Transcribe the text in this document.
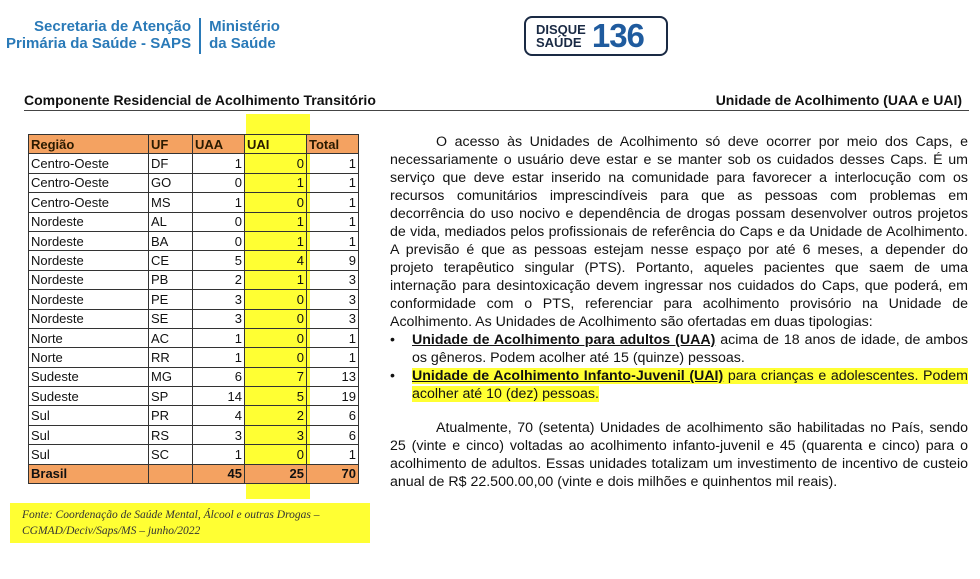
Secretaria de Atenção
Primária da Saúde - SAPS
Ministério
da Saúde
DISQUE
SAÚDE 136
Componente Residencial de Acolhimento Transitório	Unidade de Acolhimento (UAA e UAI)
Região	UF	UAA	UAI	Total
Centro-Oeste	DF	1	0	1
Centro-Oeste	GO	0	1	1
Centro-Oeste	MS	1	0	1
Nordeste	AL	0	1	1
Nordeste	BA	0	1	1
Nordeste	CE	5	4	9
Nordeste	PB	2	1	3
Nordeste	PE	3	0	3
Nordeste	SE	3	0	3
Norte	AC	1	0	1
Norte	RR	1	0	1
Sudeste	MG	6	7	13
Sudeste	SP	14	5	19
Sul	PR	4	2	6
Sul	RS	3	3	6
Sul	SC	1	0	1
Brasil		45	25	70
Fonte: Coordenação de Saúde Mental, Álcool e outras Drogas –
CGMAD/Deciv/Saps/MS – junho/2022

O acesso às Unidades de Acolhimento só deve ocorrer por meio dos Caps, e necessariamente o usuário deve estar e se manter sob os cuidados desses Caps. É um serviço que deve estar inserido na comunidade para favorecer a interlocução com os recursos comunitários imprescindíveis para que as pessoas com problemas em decorrência do uso nocivo e dependência de drogas possam desenvolver outros projetos de vida, mediados pelos profissionais de referência do Caps e da Unidade de Acolhimento. A previsão é que as pessoas estejam nesse espaço por até 6 meses, a depender do projeto terapêutico singular (PTS). Portanto, aqueles pacientes que saem de uma internação para desintoxicação devem ingressar nos cuidados do Caps, que poderá, em conformidade com o PTS, referenciar para acolhimento provisório na Unidade de Acolhimento. As Unidades de Acolhimento são ofertadas em duas tipologias:

•	Unidade de Acolhimento para adultos (UAA) acima de 18 anos de idade, de ambos os gêneros. Podem acolher até 15 (quinze) pessoas.
•	Unidade de Acolhimento Infanto-Juvenil (UAI) para crianças e adolescentes. Podem acolher até 10 (dez) pessoas.

Atualmente, 70 (setenta) Unidades de acolhimento são habilitadas no País, sendo 25 (vinte e cinco) voltadas ao acolhimento infanto-juvenil e 45 (quarenta e cinco) para o acolhimento de adultos. Essas unidades totalizam um investimento de incentivo de custeio anual de R$ 22.500.00,00 (vinte e dois milhões e quinhentos mil reais).
